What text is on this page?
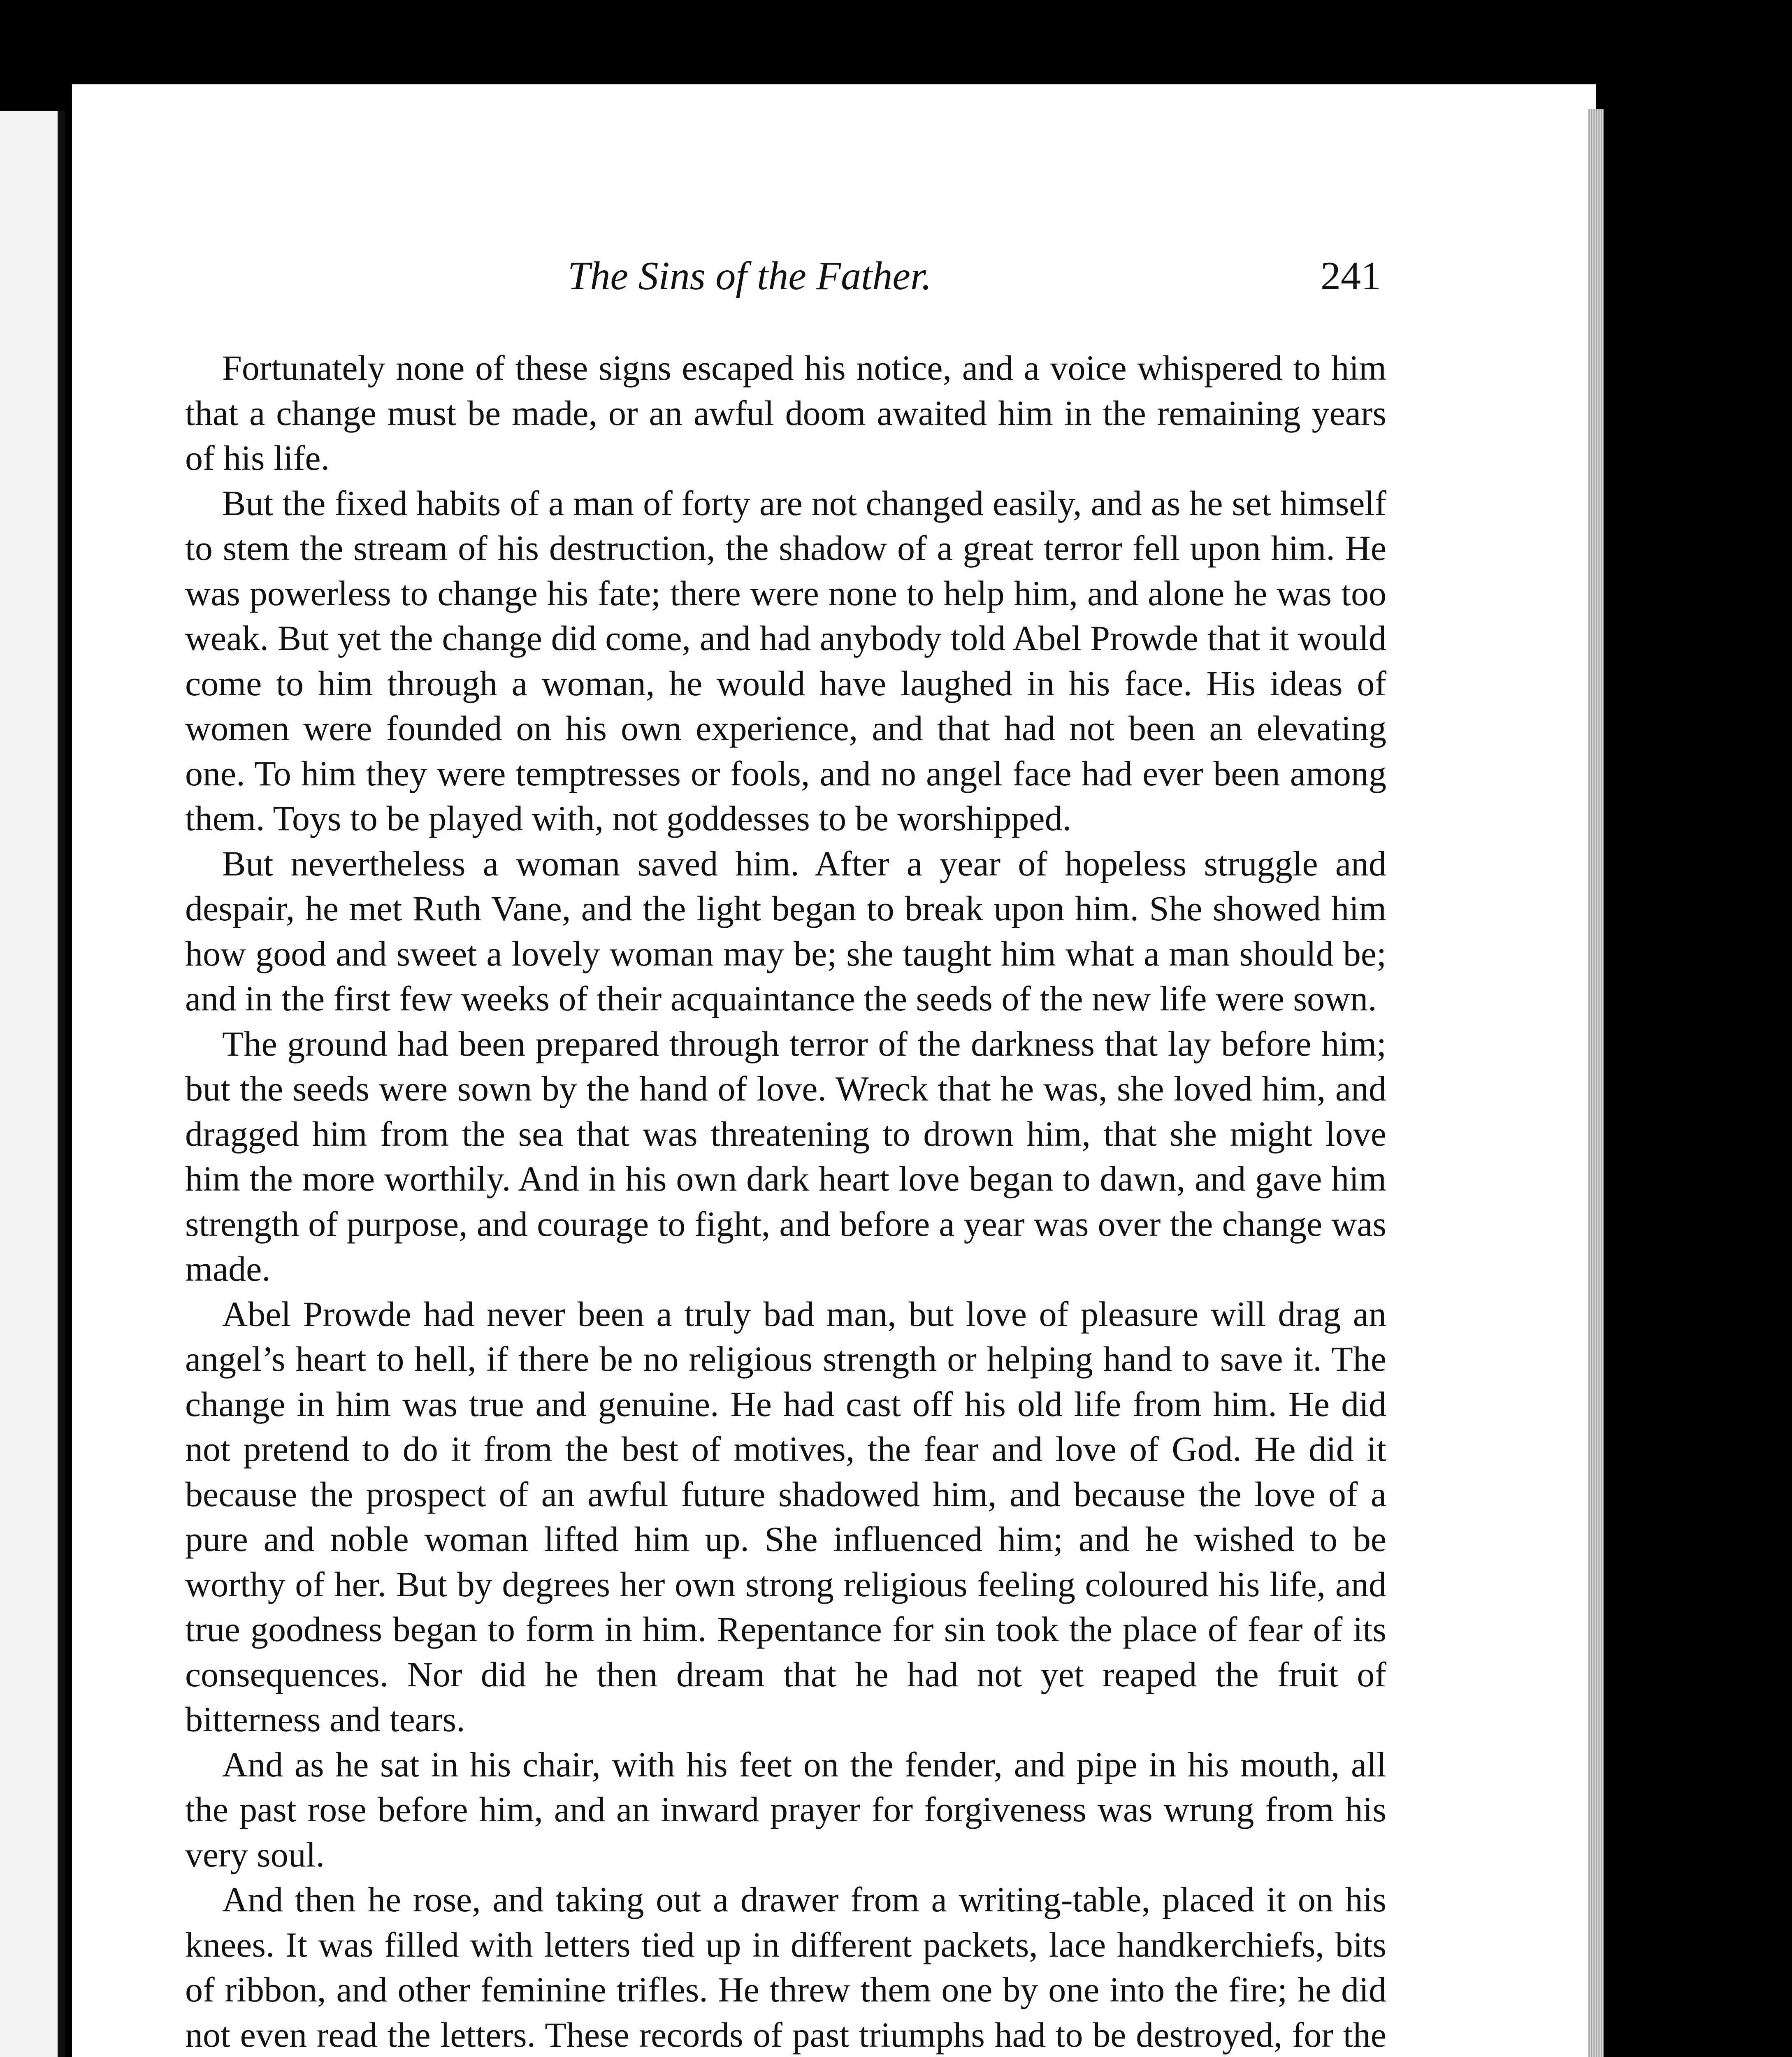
The Sins of the Father.	241

Fortunately none of these signs escaped his notice, and a voice whispered to him that a change must be made, or an awful doom awaited him in the remaining years of his life.

But the fixed habits of a man of forty are not changed easily, and as he set himself to stem the stream of his destruction, the shadow of a great terror fell upon him. He was powerless to change his fate; there were none to help him, and alone he was too weak. But yet the change did come, and had anybody told Abel Prowde that it would come to him through a woman, he would have laughed in his face. His ideas of women were founded on his own experience, and that had not been an elevating one. To him they were temptresses or fools, and no angel face had ever been among them. Toys to be played with, not goddesses to be worshipped.

But nevertheless a woman saved him. After a year of hopeless struggle and despair, he met Ruth Vane, and the light began to break upon him. She showed him how good and sweet a lovely woman may be; she taught him what a man should be; and in the first few weeks of their acquaintance the seeds of the new life were sown.

The ground had been prepared through terror of the darkness that lay before him; but the seeds were sown by the hand of love. Wreck that he was, she loved him, and dragged him from the sea that was threatening to drown him, that she might love him the more worthily. And in his own dark heart love began to dawn, and gave him strength of purpose, and courage to fight, and before a year was over the change was made.

Abel Prowde had never been a truly bad man, but love of pleasure will drag an angel’s heart to hell, if there be no religious strength or helping hand to save it. The change in him was true and genuine. He had cast off his old life from him. He did not pretend to do it from the best of motives, the fear and love of God. He did it because the prospect of an awful future shadowed him, and because the love of a pure and noble woman lifted him up. She influenced him; and he wished to be worthy of her. But by degrees her own strong religious feeling coloured his life, and true goodness began to form in him. Repentance for sin took the place of fear of its consequences. Nor did he then dream that he had not yet reaped the fruit of bitterness and tears.

And as he sat in his chair, with his feet on the fender, and pipe in his mouth, all the past rose before him, and an inward prayer for forgiveness was wrung from his very soul.

And then he rose, and taking out a drawer from a writing-table, placed it on his knees. It was filled with letters tied up in different packets, lace handkerchiefs, bits of ribbon, and other feminine trifles. He threw them one by one into the fire; he did not even read the letters. These records of past triumphs had to be destroyed, for the
